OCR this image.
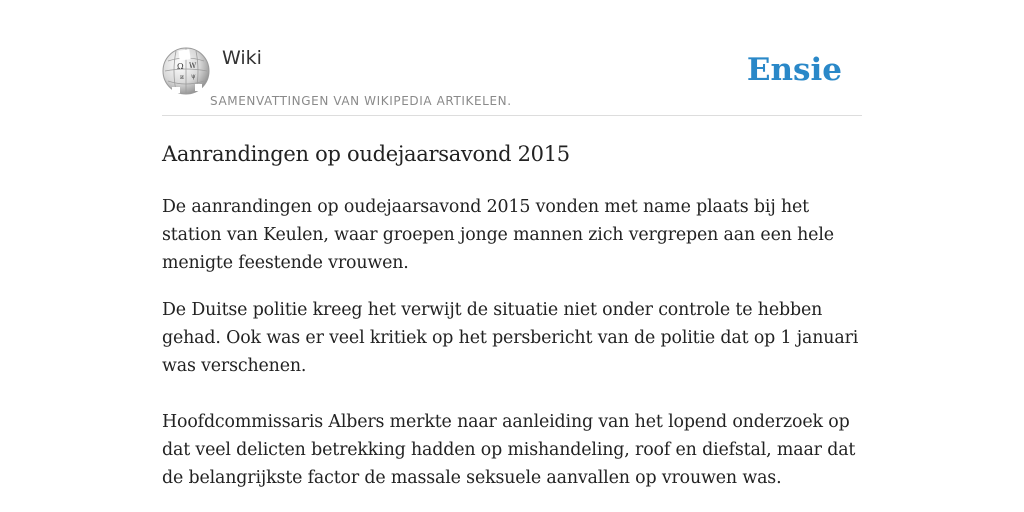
Ω W
и ψ
Wiki
SAMENVATTINGEN VAN WIKIPEDIA ARTIKELEN.
Ensie
Aanrandingen op oudejaarsavond 2015

De aanrandingen op oudejaarsavond 2015 vonden met name plaats bij het station van Keulen, waar groepen jonge mannen zich vergrepen aan een hele menigte feestende vrouwen.

De Duitse politie kreeg het verwijt de situatie niet onder controle te hebben gehad. Ook was er veel kritiek op het persbericht van de politie dat op 1 januari was verschenen.

Hoofdcommissaris Albers merkte naar aanleiding van het lopend onderzoek op dat veel delicten betrekking hadden op mishandeling, roof en diefstal, maar dat de belangrijkste factor de massale seksuele aanvallen op vrouwen was.
